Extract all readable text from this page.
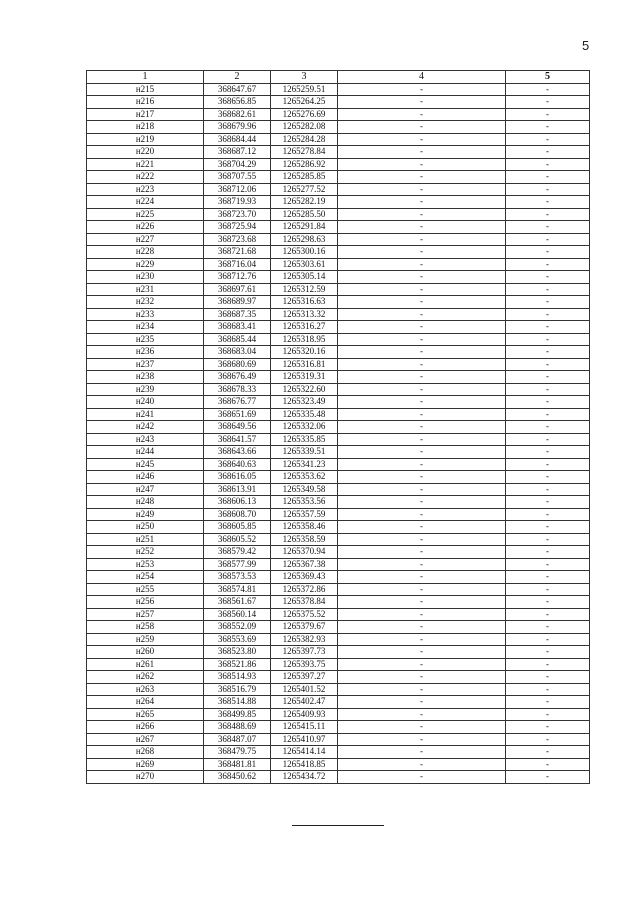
5
1	2	3	4	5
н215	368647.67	1265259.51	-	-
н216	368656.85	1265264.25	-	-
н217	368682.61	1265276.69	-	-
н218	368679.96	1265282.08	-	-
н219	368684.44	1265284.28	-	-
н220	368687.12	1265278.84	-	-
н221	368704.29	1265286.92	-	-
н222	368707.55	1265285.85	-	-
н223	368712.06	1265277.52	-	-
н224	368719.93	1265282.19	-	-
н225	368723.70	1265285.50	-	-
н226	368725.94	1265291.84	-	-
н227	368723.68	1265298.63	-	-
н228	368721.68	1265300.16	-	-
н229	368716.04	1265303.61	-	-
н230	368712.76	1265305.14	-	-
н231	368697.61	1265312.59	-	-
н232	368689.97	1265316.63	-	-
н233	368687.35	1265313.32	-	-
н234	368683.41	1265316.27	-	-
н235	368685.44	1265318.95	-	-
н236	368683.04	1265320.16	-	-
н237	368680.69	1265316.81	-	-
н238	368676.49	1265319.31	-	-
н239	368678.33	1265322.60	-	-
н240	368676.77	1265323.49	-	-
н241	368651.69	1265335.48	-	-
н242	368649.56	1265332.06	-	-
н243	368641.57	1265335.85	-	-
н244	368643.66	1265339.51	-	-
н245	368640.63	1265341.23	-	-
н246	368616.05	1265353.62	-	-
н247	368613.91	1265349.58	-	-
н248	368606.13	1265353.56	-	-
н249	368608.70	1265357.59	-	-
н250	368605.85	1265358.46	-	-
н251	368605.52	1265358.59	-	-
н252	368579.42	1265370.94	-	-
н253	368577.99	1265367.38	-	-
н254	368573.53	1265369.43	-	-
н255	368574.81	1265372.86	-	-
н256	368561.67	1265378.84	-	-
н257	368560.14	1265375.52	-	-
н258	368552.09	1265379.67	-	-
н259	368553.69	1265382.93	-	-
н260	368523.80	1265397.73	-	-
н261	368521.86	1265393.75	-	-
н262	368514.93	1265397.27	-	-
н263	368516.79	1265401.52	-	-
н264	368514.88	1265402.47	-	-
н265	368499.85	1265409.93	-	-
н266	368488.69	1265415.11	-	-
н267	368487.07	1265410.97	-	-
н268	368479.75	1265414.14	-	-
н269	368481.81	1265418.85	-	-
н270	368450.62	1265434.72	-	-
